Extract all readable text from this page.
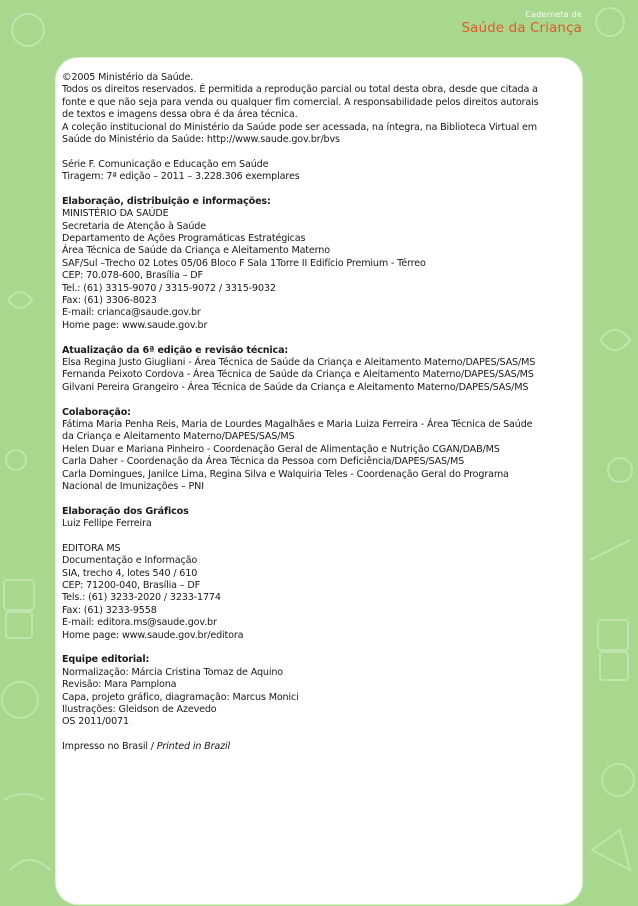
Caderneta de
Saúde da Criança
©2005 Ministério da Saúde.
Todos os direitos reservados. É permitida a reprodução parcial ou total desta obra, desde que citada a
fonte e que não seja para venda ou qualquer fim comercial. A responsabilidade pelos direitos autorais
de textos e imagens dessa obra é da área técnica.
A coleção institucional do Ministério da Saúde pode ser acessada, na íntegra, na Biblioteca Virtual em
Saúde do Ministério da Saúde: http://www.saude.gov.br/bvs
Série F. Comunicação e Educação em Saúde
Tiragem: 7ª edição – 2011 – 3.228.306 exemplares
Elaboração, distribuição e informações:
MINISTÉRIO DA SAÚDE
Secretaria de Atenção à Saúde
Departamento de Ações Programáticas Estratégicas
Área Técnica de Saúde da Criança e Aleitamento Materno
SAF/Sul –Trecho 02 Lotes 05/06 Bloco F Sala 1Torre II Edifício Premium - Térreo
CEP: 70.078-600, Brasília – DF
Tel.: (61) 3315-9070 / 3315-9072 / 3315-9032
Fax: (61) 3306-8023
E-mail: crianca@saude.gov.br
Home page: www.saude.gov.br
Atualização da 6ª edição e revisão técnica:
Elsa Regina Justo Giugliani - Área Técnica de Saúde da Criança e Aleitamento Materno/DAPES/SAS/MS
Fernanda Peixoto Cordova - Área Técnica de Saúde da Criança e Aleitamento Materno/DAPES/SAS/MS
Gilvani Pereira Grangeiro - Área Técnica de Saúde da Criança e Aleitamento Materno/DAPES/SAS/MS
Colaboração:
Fátima Maria Penha Reis, Maria de Lourdes Magalhães e Maria Luiza Ferreira - Área Técnica de Saúde
da Criança e Aleitamento Materno/DAPES/SAS/MS
Helen Duar e Mariana Pinheiro - Coordenação Geral de Alimentação e Nutrição CGAN/DAB/MS
Carla Daher - Coordenação da Área Técnica da Pessoa com Deficiência/DAPES/SAS/MS
Carla Domingues, Janilce Lima, Regina Silva e Walquiria Teles - Coordenação Geral do Programa
Nacional de Imunizações – PNI
Elaboração dos Gráficos
Luiz Fellipe Ferreira
EDITORA MS
Documentação e Informação
SIA, trecho 4, lotes 540 / 610
CEP: 71200-040, Brasília – DF
Tels.: (61) 3233-2020 / 3233-1774
Fax: (61) 3233-9558
E-mail: editora.ms@saude.gov.br
Home page: www.saude.gov.br/editora
Equipe editorial:
Normalização: Márcia Cristina Tomaz de Aquino
Revisão: Mara Pamplona
Capa, projeto gráfico, diagramação: Marcus Monici
Ilustrações: Gleidson de Azevedo
OS 2011/0071
Impresso no Brasil / Printed in Brazil
